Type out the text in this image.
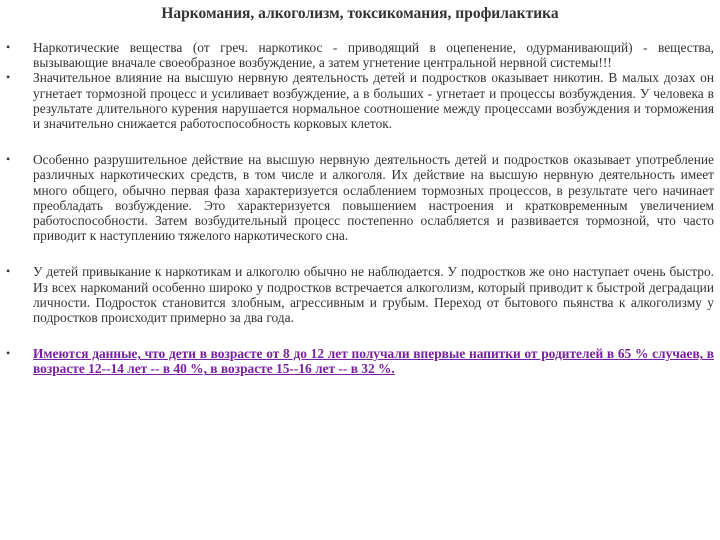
Наркомания, алкоголизм, токсикомания, профилактика
• Наркотические вещества (от греч. наркотикос - приводящий в оцепенение, одурманивающий) - вещества, вызывающие вначале своеобразное возбуждение, а затем угнетение центральной нервной системы!!!
• Значительное влияние на высшую нервную деятельность детей и подростков оказывает никотин. В малых дозах он угнетает тормозной процесс и усиливает возбуждение, а в больших - угнетает и процессы возбуждения. У человека в результате длительного курения нарушается нормальное соотношение между процессами возбуждения и торможения и значительно снижается работоспособность корковых клеток.
• Особенно разрушительное действие на высшую нервную деятельность детей и подростков оказывает употребление различных наркотических средств, в том числе и алкоголя. Их действие на высшую нервную деятельность имеет много общего, обычно первая фаза характеризуется ослаблением тормозных процессов, в результате чего начинает преобладать возбуждение. Это характеризуется повышением настроения и кратковременным увеличением работоспособности. Затем возбудительный процесс постепенно ослабляется и развивается тормозной, что часто приводит к наступлению тяжелого наркотического сна.
• У детей привыкание к наркотикам и алкоголю обычно не наблюдается. У подростков же оно наступает очень быстро. Из всех наркоманий особенно широко у подростков встречается алкоголизм, который приводит к быстрой деградации личности. Подросток становится злобным, агрессивным и грубым. Переход от бытового пьянства к алкоголизму у подростков происходит примерно за два года.
• Имеются данные, что дети в возрасте от 8 до 12 лет получали впервые напитки от родителей в 65 % случаев, в возрасте 12--14 лет -- в 40 %, в возрасте 15--16 лет -- в 32 %.
